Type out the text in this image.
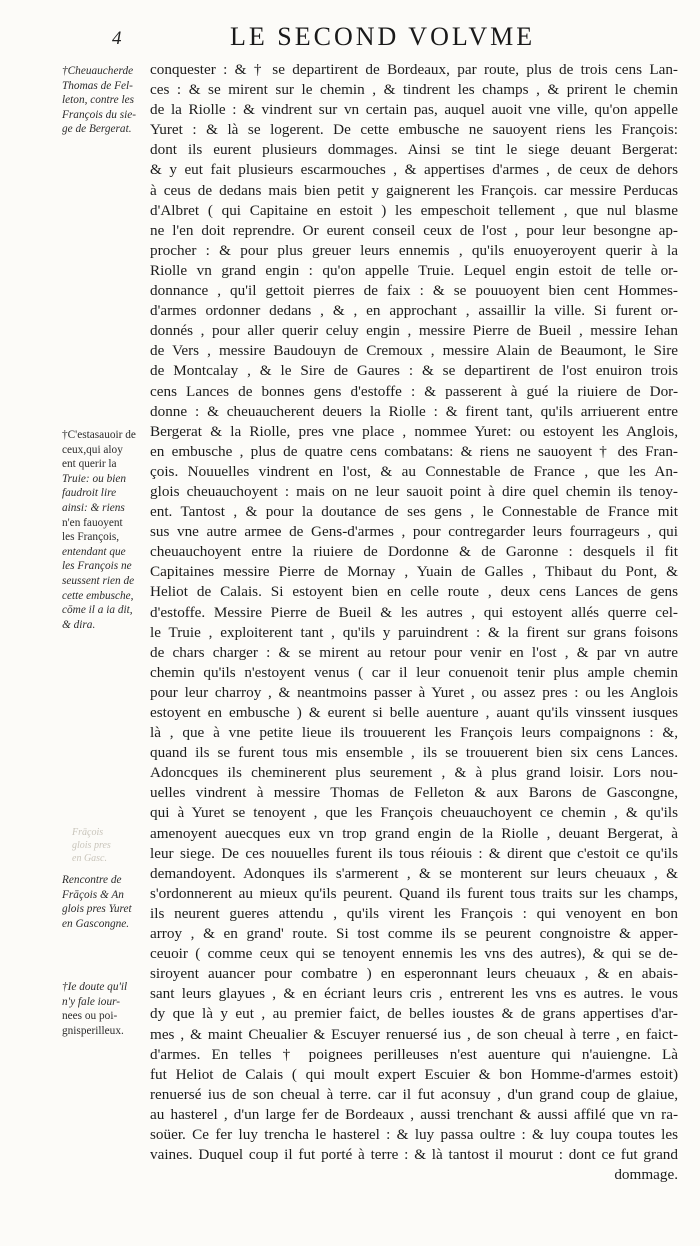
4	LE SECOND VOLVME
†Cheuaucherde
Thomas de Fel-
leton, contre les
François du sie-
ge de Bergerat.
†C'estasauoir de
ceux,qui aloy
ent querir la
Truie: ou bien
faudroit lire
ainsi: & riens
n'en fauoyent
les François,
entendant que
les François ne
seussent rien de
cette embusche,
cōme il a ia dit,
& dira.
Frāçois
glois pres
en Gasc.
Rencontre de
Frāçois & An
glois pres Yuret
en Gascongne.
†Ie doute qu'il
n'y fale iour-
nees ou poi-
gnisperilleux.
conquester : & † se departirent de Bordeaux, par route, plus de trois cens Lan-
ces : & se mirent sur le chemin , & tindrent les champs , & prirent le chemin
de la Riolle : & vindrent sur vn certain pas, auquel auoit vne ville, qu'on appelle
Yuret : & là se logerent. De cette embusche ne sauoyent riens les François:
dont ils eurent plusieurs dommages. Ainsi se tint le siege deuant Bergerat:
& y eut fait plusieurs escarmouches , & appertises d'armes , de ceux de dehors
à ceus de dedans mais bien petit y gaignerent les François. car messire Perducas
d'Albret ( qui Capitaine en estoit ) les empeschoit tellement , que nul blasme
ne l'en doit reprendre. Or eurent conseil ceux de l'ost , pour leur besongne ap-
procher : & pour plus greuer leurs ennemis , qu'ils enuoyeroyent querir à la
Riolle vn grand engin : qu'on appelle Truie. Lequel engin estoit de telle or-
donnance , qu'il gettoit pierres de faix : & se pouuoyent bien cent Hommes-
d'armes ordonner dedans , & , en approchant , assaillir la ville. Si furent or-
donnés , pour aller querir celuy engin , messire Pierre de Bueil , messire Iehan
de Vers , messire Baudouyn de Cremoux , messire Alain de Beaumont, le Sire
de Montcalay , & le Sire de Gaures : & se departirent de l'ost enuiron trois
cens Lances de bonnes gens d'estoffe : & passerent à gué la riuiere de Dor-
donne : & cheuaucherent deuers la Riolle : & firent tant, qu'ils arriuerent entre
Bergerat & la Riolle, pres vne place , nommee Yuret: ou estoyent les Anglois,
en embusche , plus de quatre cens combatans: & riens ne sauoyent † des Fran-
çois. Nouuelles vindrent en l'ost, & au Connestable de France , que les An-
glois cheuauchoyent : mais on ne leur sauoit point à dire quel chemin ils tenoy-
ent. Tantost , & pour la doutance de ses gens , le Connestable de France mit
sus vne autre armee de Gens-d'armes , pour contregarder leurs fourrageurs , qui
cheuauchoyent entre la riuiere de Dordonne & de Garonne : desquels il fit
Capitaines messire Pierre de Mornay , Yuain de Galles , Thibaut du Pont, &
Heliot de Calais. Si estoyent bien en celle route , deux cens Lances de gens
d'estoffe. Messire Pierre de Bueil & les autres , qui estoyent allés querre cel-
le Truie , exploiterent tant , qu'ils y paruindrent : & la firent sur grans foisons
de chars charger : & se mirent au retour pour venir en l'ost , & par vn autre
chemin qu'ils n'estoyent venus ( car il leur conuenoit tenir plus ample chemin
pour leur charroy , & neantmoins passer à Yuret , ou assez pres : ou les Anglois
estoyent en embusche ) & eurent si belle auenture , auant qu'ils vinssent iusques
là , que à vne petite lieue ils trouuerent les François leurs compaignons : &,
quand ils se furent tous mis ensemble , ils se trouuerent bien six cens Lances.
Adoncques ils cheminerent plus seurement , & à plus grand loisir. Lors nou-
uelles vindrent à messire Thomas de Felleton & aux Barons de Gascongne,
qui à Yuret se tenoyent , que les François cheuauchoyent ce chemin , & qu'ils
amenoyent auecques eux vn trop grand engin de la Riolle , deuant Bergerat, à
leur siege. De ces nouuelles furent ils tous réiouis : & dirent que c'estoit ce qu'ils
demandoyent. Adonques ils s'armerent , & se monterent sur leurs cheuaux , &
s'ordonnerent au mieux qu'ils peurent. Quand ils furent tous traits sur les champs,
ils neurent gueres attendu , qu'ils virent les François : qui venoyent en bon
arroy , & en grand' route. Si tost comme ils se peurent congnoistre & apper-
ceuoir ( comme ceux qui se tenoyent ennemis les vns des autres), & qui se de-
siroyent auancer pour combatre ) en esperonnant leurs cheuaux , & en abais-
sant leurs glayues , & en écriant leurs cris , entrerent les vns es autres. le vous
dy que là y eut , au premier faict, de belles ioustes & de grans appertises d'ar-
mes , & maint Cheualier & Escuyer renuersé ius , de son cheual à terre , en faict-
d'armes. En telles † poignees perilleuses n'est auenture qui n'auiengne. Là
fut Heliot de Calais ( qui moult expert Escuier & bon Homme-d'armes estoit)
renuersé ius de son cheual à terre. car il fut aconsuy , d'un grand coup de glaiue,
au hasterel , d'un large fer de Bordeaux , aussi trenchant & aussi affilé que vn ra-
soüer. Ce fer luy trencha le hasterel : & luy passa oultre : & luy coupa toutes les
vaines. Duquel coup il fut porté à terre : & là tantost il mourut : dont ce fut grand
dommage.
